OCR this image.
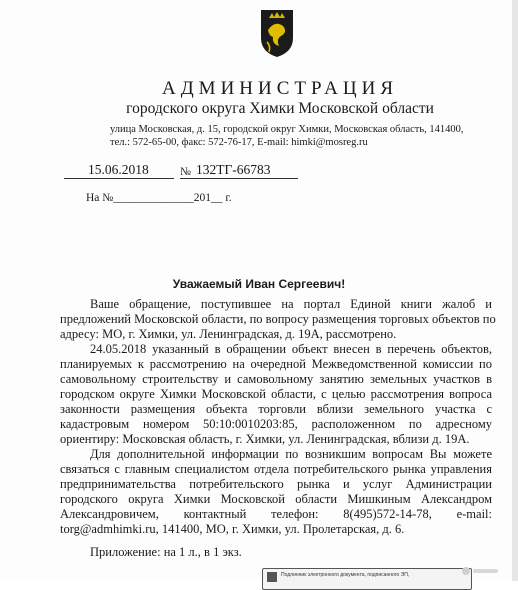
АДМИНИСТРАЦИЯ
городского округа Химки Московской области
улица Московская, д. 15, городской округ Химки, Московская область, 141400,
тел.: 572-65-00, факс: 572-76-17, E-mail: himki@mosreg.ru
15.06.2018	№ 132ТГ-66783
На №______________201__ г.
Уважаемый Иван Сергеевич!
Ваше обращение, поступившее на портал Единой книги жалоб и
предложений Московской области, по вопросу размещения торговых объектов по
адресу: МО, г. Химки, ул. Ленинградская, д. 19А, рассмотрено.
24.05.2018 указанный в обращении объект внесен в перечень объектов,
планируемых к рассмотрению на очередной Межведомственной комиссии по
самовольному строительству и самовольному занятию земельных участков в
городском округе Химки Московской области, с целью рассмотрения вопроса
законности размещения объекта торговли вблизи земельного участка с
кадастровым номером 50:10:0010203:85, расположенном по адресному
ориентиру: Московская область, г. Химки, ул. Ленинградская, вблизи д. 19А.
Для дополнительной информации по возникшим вопросам Вы можете
связаться с главным специалистом отдела потребительского рынка управления
предпринимательства потребительского рынка и услуг Администрации
городского округа Химки Московской области Мишкиным Александром
Александровичем, контактный телефон: 8(495)572-14-78, e-mail:
torg@admhimki.ru, 141400, МО, г. Химки, ул. Пролетарская, д. 6.
Приложение: на 1 л., в 1 экз.
Подлинник электронного документа, подписанного ЭП,
